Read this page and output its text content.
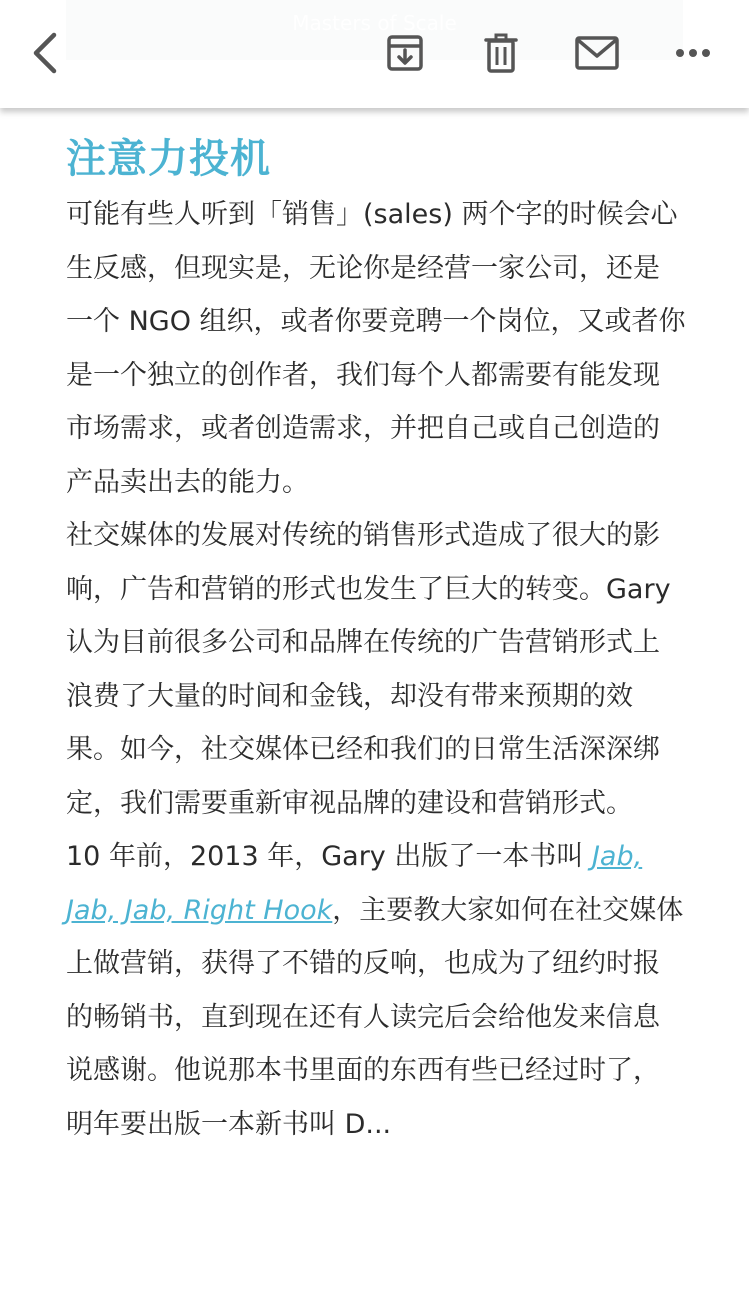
注意力投机

可能有些人听到「销售」(sales) 两个字的时候会心生反感，但现实是，无论你是经营一家公司，还是一个 NGO 组织，或者你要竞聘一个岗位，又或者你是一个独立的创作者，我们每个人都需要有能发现市场需求，或者创造需求，并把自己或自己创造的产品卖出去的能力。

社交媒体的发展对传统的销售形式造成了很大的影响，广告和营销的形式也发生了巨大的转变。Gary 认为目前很多公司和品牌在传统的广告营销形式上浪费了大量的时间和金钱，却没有带来预期的效果。如今，社交媒体已经和我们的日常生活深深绑定，我们需要重新审视品牌的建设和营销形式。

10 年前，2013 年，Gary 出版了一本书叫 Jab, Jab, Jab, Right Hook，主要教大家如何在社交媒体上做营销，获得了不错的反响，也成为了纽约时报的畅销书，直到现在还有人读完后会给他发来信息说感谢。他说那本书里面的东西有些已经过时了，明年要出版一本新书叫 D...
